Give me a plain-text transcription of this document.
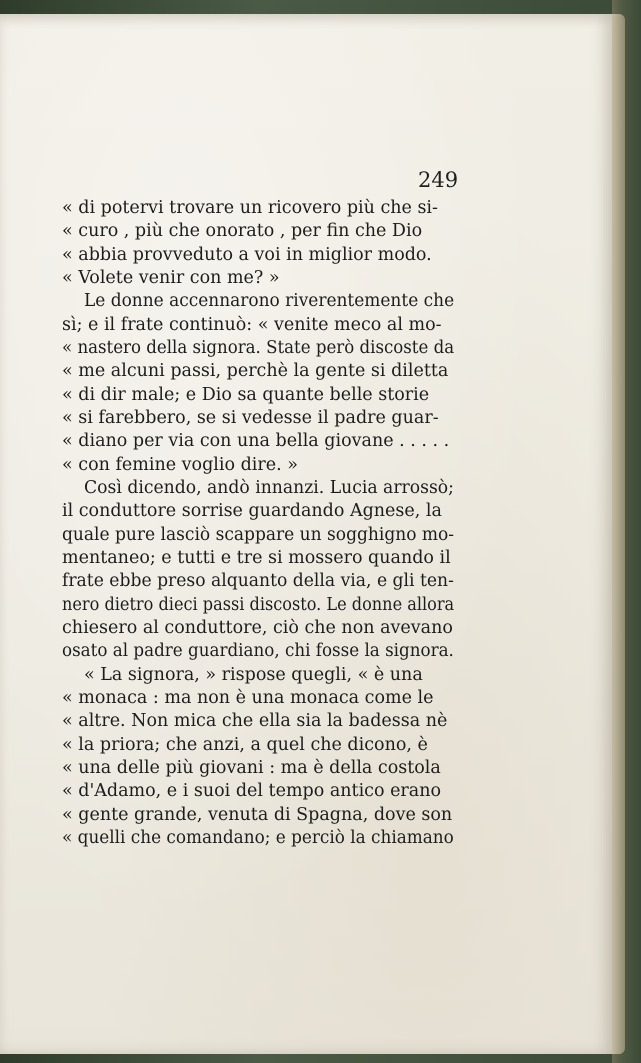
249
« di potervi trovare un ricovero più che si-
« curo , più che onorato , per fin che Dio
« abbia provveduto a voi in miglior modo.
« Volete venir con me? »
Le donne accennarono riverentemente che
sì; e il frate continuò: « venite meco al mo-
« nastero della signora. State però discoste da
« me alcuni passi, perchè la gente si diletta
« di dir male; e Dio sa quante belle storie
« si farebbero, se si vedesse il padre guar-
« diano per via con una bella giovane . . . . .
« con femine voglio dire. »
Così dicendo, andò innanzi. Lucia arrossò;
il conduttore sorrise guardando Agnese, la
quale pure lasciò scappare un sogghigno mo-
mentaneo; e tutti e tre si mossero quando il
frate ebbe preso alquanto della via, e gli ten-
nero dietro dieci passi discosto. Le donne allora
chiesero al conduttore, ciò che non avevano
osato al padre guardiano, chi fosse la signora.
« La signora, » rispose quegli, « è una
« monaca : ma non è una monaca come le
« altre. Non mica che ella sia la badessa nè
« la priora; che anzi, a quel che dicono, è
« una delle più giovani : ma è della costola
« d'Adamo, e i suoi del tempo antico erano
« gente grande, venuta di Spagna, dove son
« quelli che comandano; e perciò la chiamano
